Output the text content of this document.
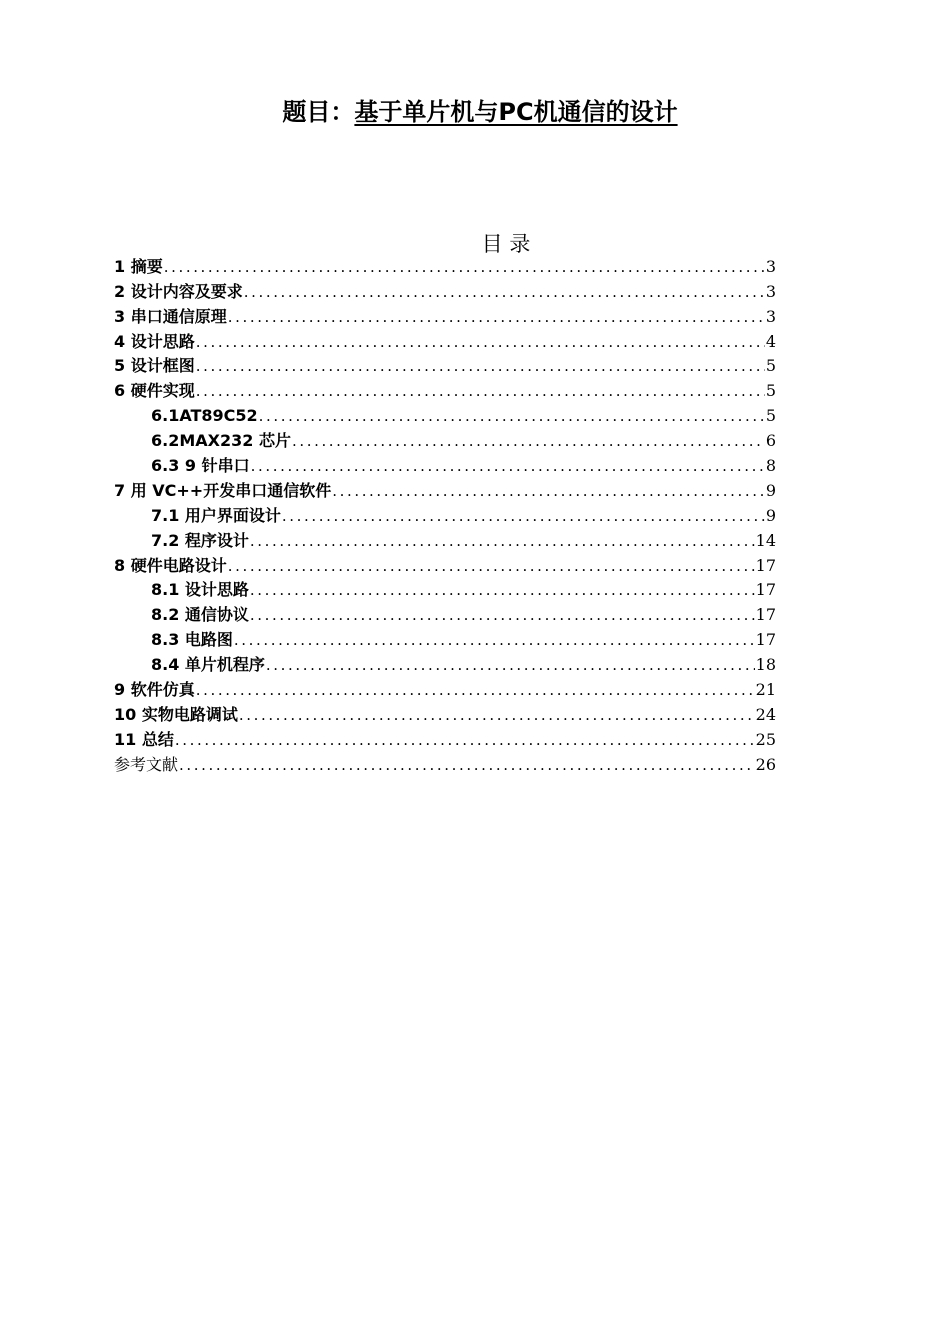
题目：基于单片机与PC机通信的设计
目 录
1 摘要 .....	3
2 设计内容及要求 .....	3
3 串口通信原理 .....	3
4 设计思路 .....	4
5 设计框图 .....	5
6 硬件实现 .....	5
6.1AT89C52 .....	5
6.2MAX232 芯片 .....	6
6.3 9 针串口 .....	8
7 用 VC++开发串口通信软件 .....	9
7.1 用户界面设计 .....	9
7.2 程序设计 .....	14
8 硬件电路设计 .....	17
8.1 设计思路 .....	17
8.2 通信协议 .....	17
8.3 电路图 .....	17
8.4 单片机程序 .....	18
9 软件仿真 .....	21
10 实物电路调试 .....	24
11 总结 .....	25
参考文献 .....	26
